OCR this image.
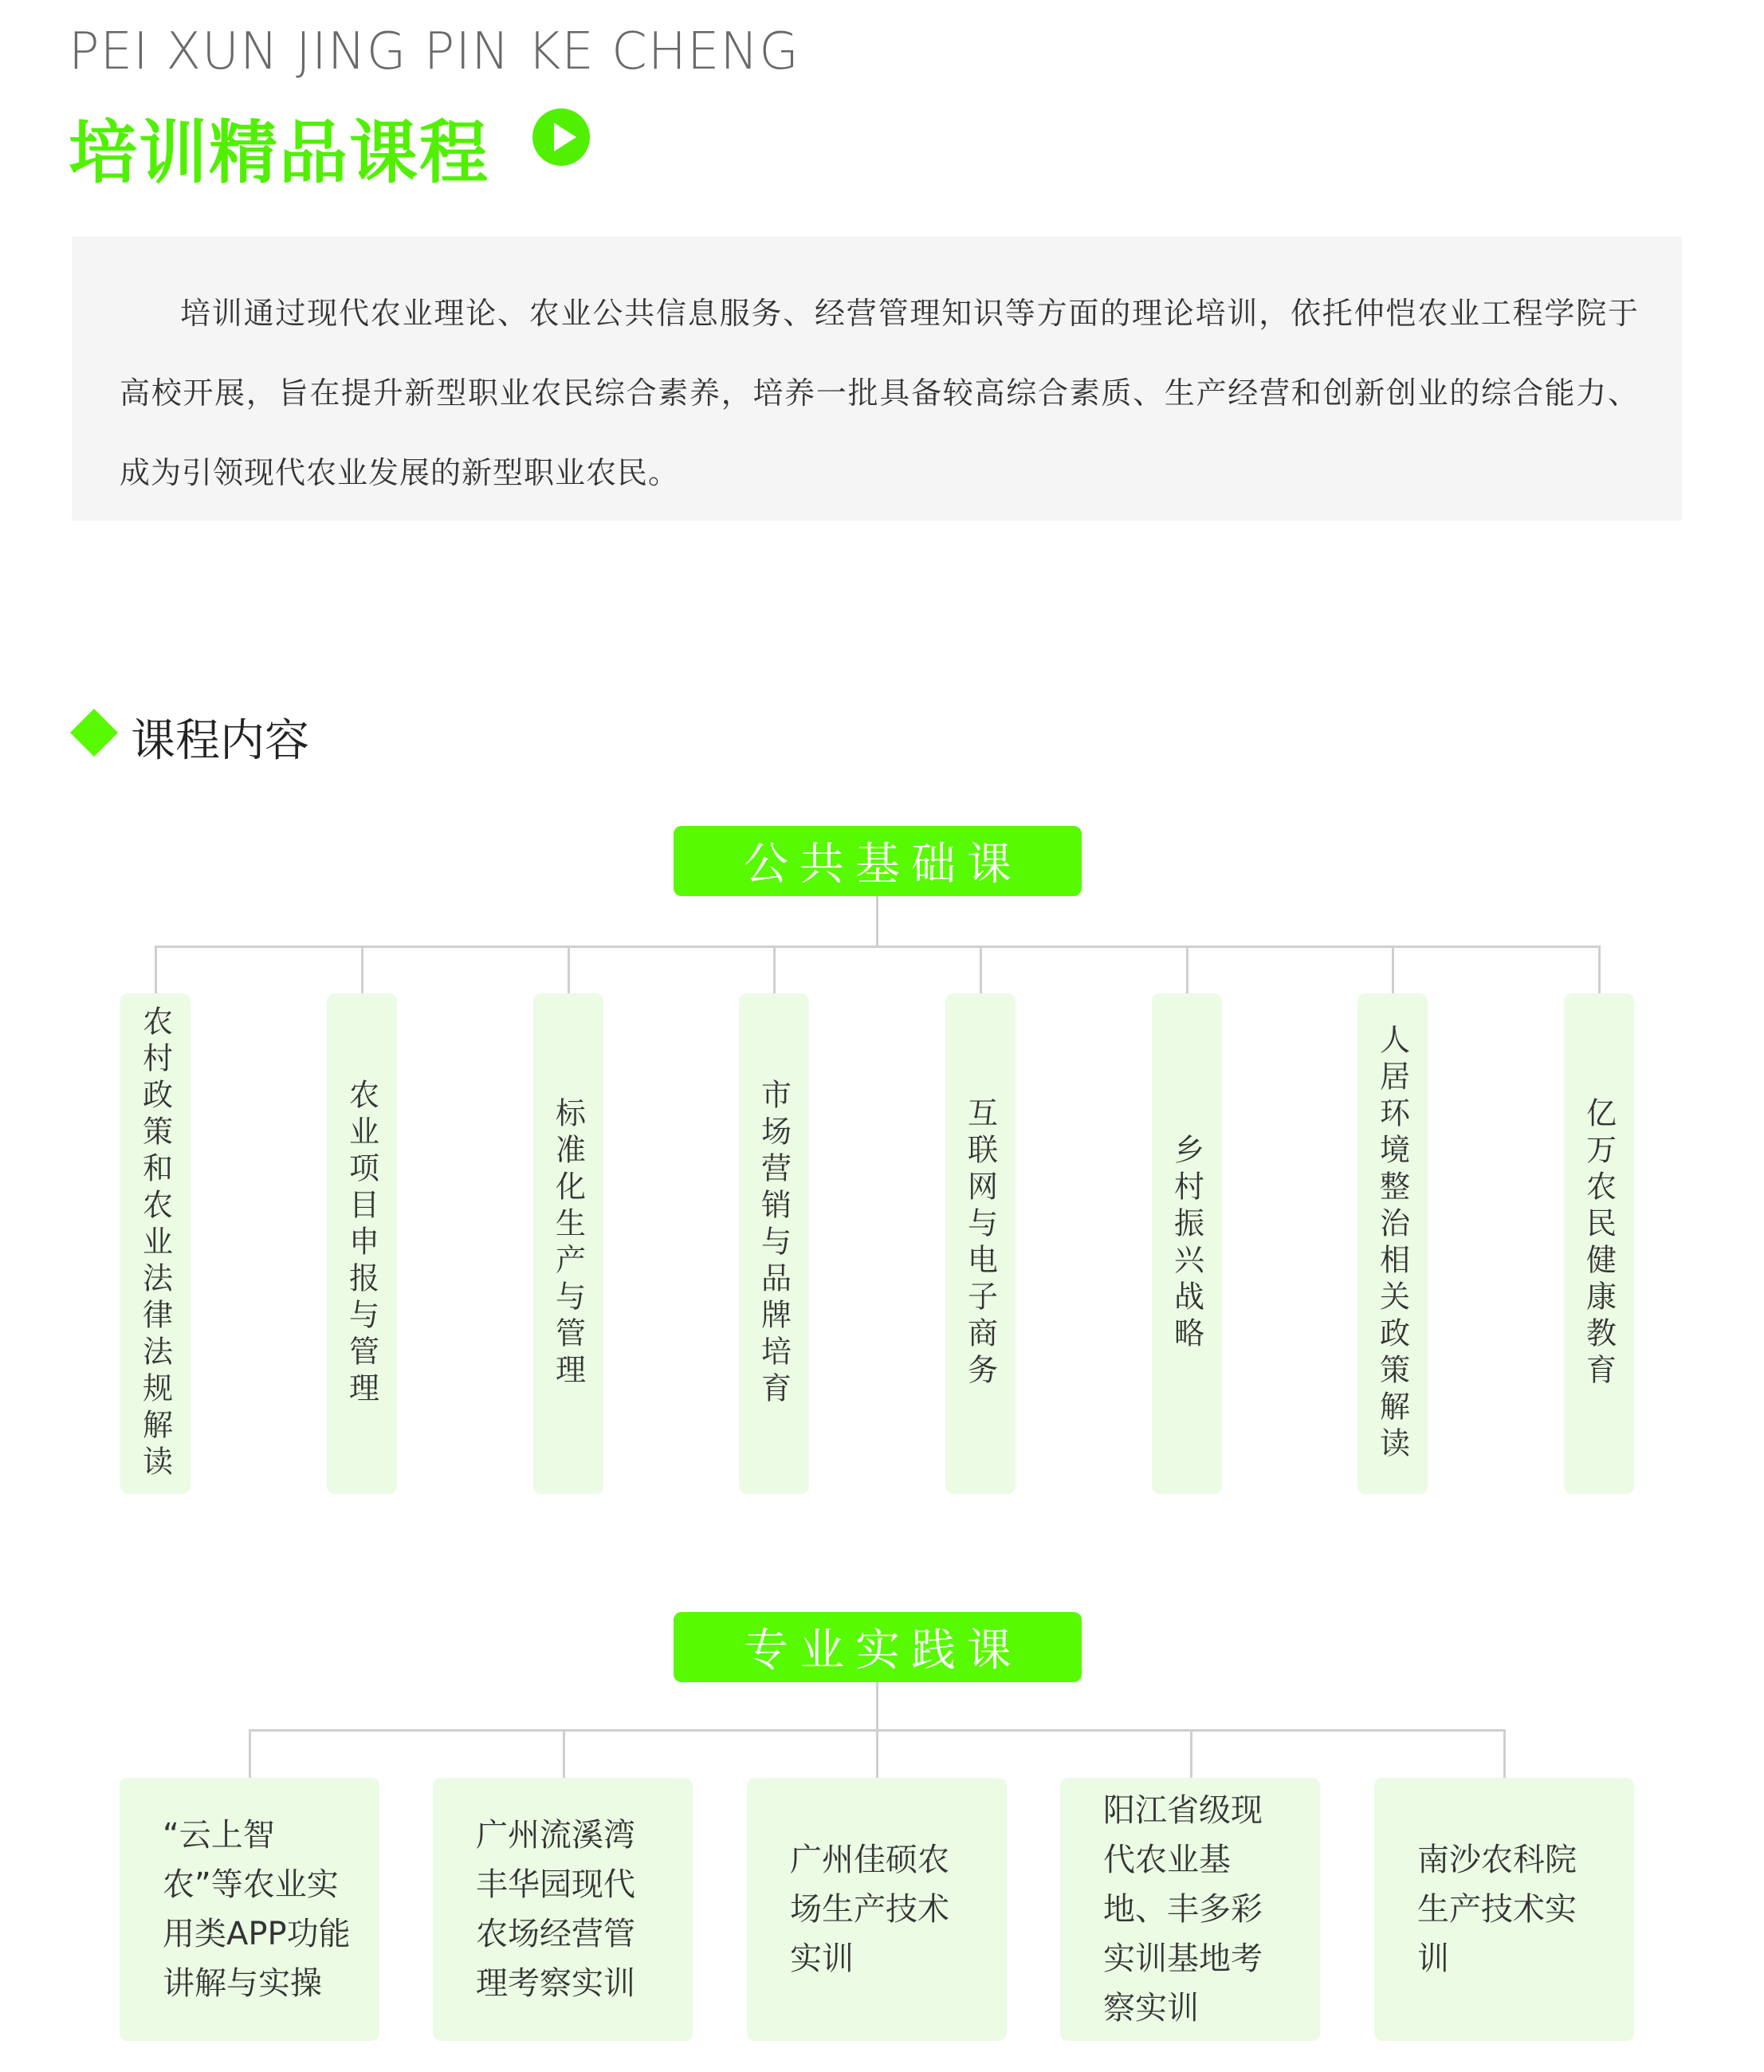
PEI XUN JING PIN KE CHENG
培训精品课程
培训通过现代农业理论、农业公共信息服务、经营管理知识等方面的理论培训，依托仲恺农业工程学院于高校开展，旨在提升新型职业农民综合素养，培养一批具备较高综合素质、生产经营和创新创业的综合能力、成为引领现代农业发展的新型职业农民。
课程内容
公共基础课
农村政策和农业法律法规解读	农业项目申报与管理	标准化生产与管理	市场营销与品牌培育	互联网与电子商务	乡村振兴战略	人居环境整治相关政策解读	亿万农民健康教育
专业实践课
“云上智农”等农业实用类APP功能讲解与实操
广州流溪湾丰华园现代农场经营管理考察实训
广州佳硕农场生产技术实训
阳江省级现代农业基地、丰多彩实训基地考察实训
南沙农科院生产技术实训
